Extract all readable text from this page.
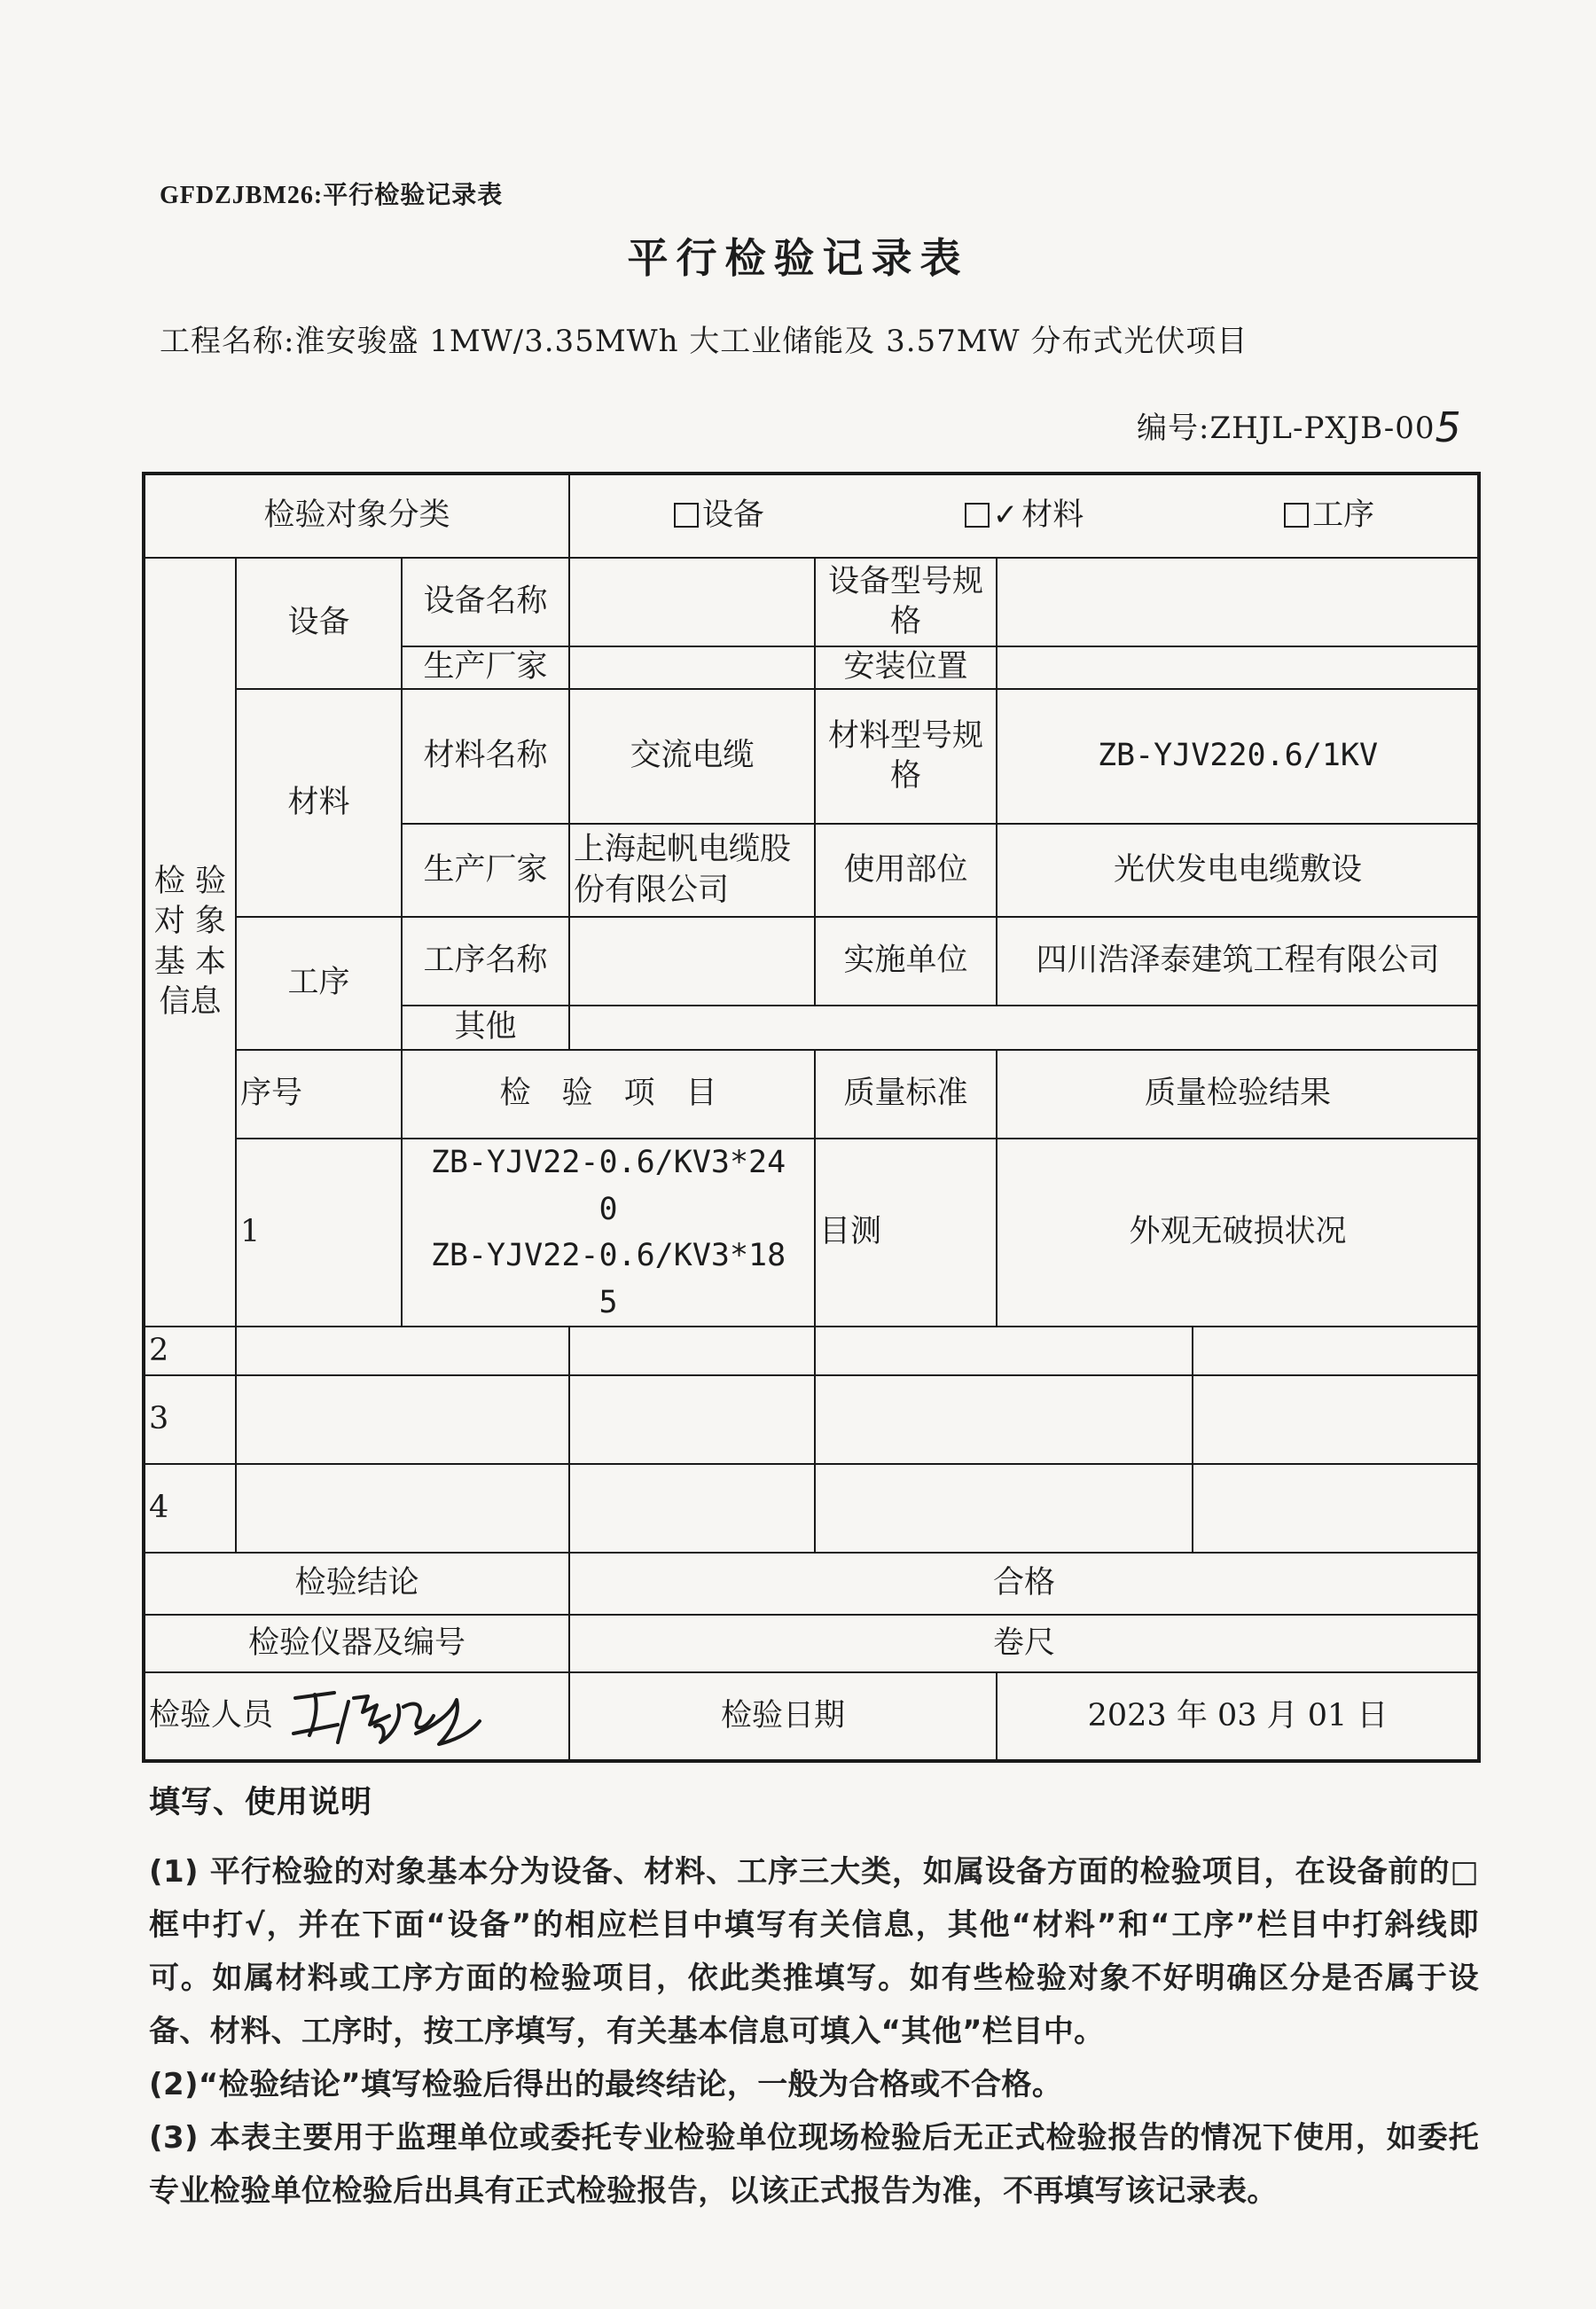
GFDZJBM26:平行检验记录表
平行检验记录表
工程名称:淮安骏盛 1MW/3.35MWh 大工业储能及 3.57MW 分布式光伏项目
编号:ZHJL-PXJB-005
检验对象分类			设备 ✓ 材料 工序				

检 验
对 象
基 本
信息	设备	设备名称		设备型号规格			
		生产厂家		安装位置			
	材料	材料名称	交流电缆	材料型号规格	ZB-YJV220.6/1KV		
		生产厂家	上海起帆电缆股份有限公司	使用部位	光伏发电电缆敷设		
	工序	工序名称		实施单位	四川浩泽泰建筑工程有限公司		
		其他					
	序号	检　验　项　目		质量标准	质量检验结果	
	1	ZB-YJV22-0.6/KV3*24
0
ZB-YJV22-0.6/KV3*18
5		目测	外观无破损状况		
2							
3							
4							
检验结论			合格				
检验仪器及编号			卷尺				
检验人员			检验日期		2023 年 03 月 01 日		
填写、使用说明

(1) 平行检验的对象基本分为设备、材料、工序三大类，如属设备方面的检验项目，在设备前的□框中打√，并在下面“设备”的相应栏目中填写有关信息，其他“材料”和“工序”栏目中打斜线即可。如属材料或工序方面的检验项目，依此类推填写。如有些检验对象不好明确区分是否属于设备、材料、工序时，按工序填写，有关基本信息可填入“其他”栏目中。

(2)“检验结论”填写检验后得出的最终结论，一般为合格或不合格。

(3) 本表主要用于监理单位或委托专业检验单位现场检验后无正式检验报告的情况下使用，如委托专业检验单位检验后出具有正式检验报告，以该正式报告为准，不再填写该记录表。
